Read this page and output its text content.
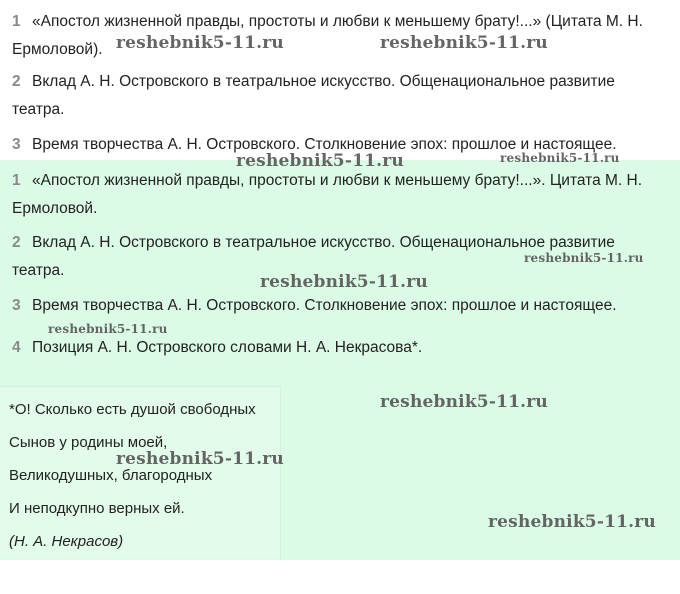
1 «Апостол жизненной правды, простоты и любви к меньшему брату!...» (Цитата М. Н. Ермоловой).
2 Вклад А. Н. Островского в театральное искусство. Общенациональное развитие театра.
3 Время творчества А. Н. Островского. Столкновение эпох: прошлое и настоящее.
1 «Апостол жизненной правды, простоты и любви к меньшему брату!...». Цитата М. Н. Ермоловой.
2 Вклад А. Н. Островского в театральное искусство. Общенациональное развитие театра.
3 Время творчества А. Н. Островского. Столкновение эпох: прошлое и настоящее.
4 Позиция А. Н. Островского словами Н. А. Некрасова*.
*О! Сколько есть душой свободных
Сынов у родины моей,
Великодушных, благородных
И неподкупно верных ей.
(Н. А. Некрасов)
reshebnik5-11.ru	reshebnik5-11.ru
reshebnik5-11.ru	reshebnik5-11.ru
reshebnik5-11.ru
reshebnik5-11.ru
reshebnik5-11.ru
reshebnik5-11.ru
reshebnik5-11.ru
reshebnik5-11.ru
